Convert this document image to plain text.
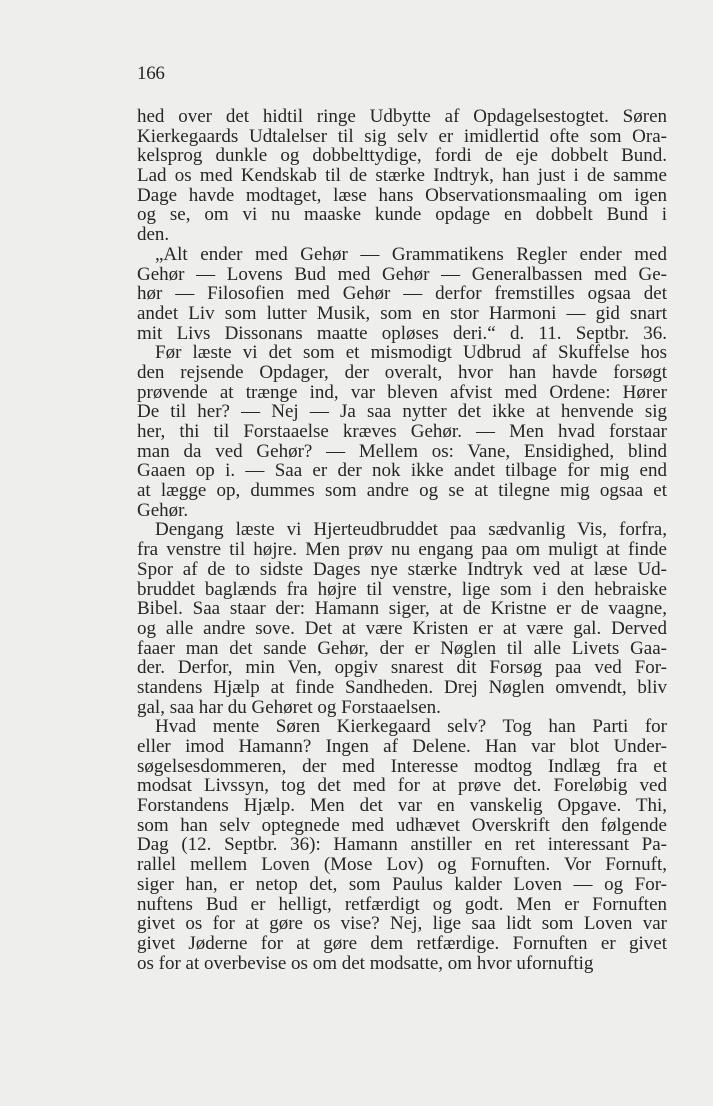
166
hed over det hidtil ringe Udbytte af Opdagelsestogtet. Søren
Kierkegaards Udtalelser til sig selv er imidlertid ofte som Ora-
kelsprog dunkle og dobbelttydige, fordi de eje dobbelt Bund.
Lad os med Kendskab til de stærke Indtryk, han just i de samme
Dage havde modtaget, læse hans Observationsmaaling om igen
og se, om vi nu maaske kunde opdage en dobbelt Bund i
den.
„Alt ender med Gehør — Grammatikens Regler ender med
Gehør — Lovens Bud med Gehør — Generalbassen med Ge-
hør — Filosofien med Gehør — derfor fremstilles ogsaa det
andet Liv som lutter Musik, som en stor Harmoni — gid snart
mit Livs Dissonans maatte opløses deri.“ d. 11. Septbr. 36.
Før læste vi det som et mismodigt Udbrud af Skuffelse hos
den rejsende Opdager, der overalt, hvor han havde forsøgt
prøvende at trænge ind, var bleven afvist med Ordene: Hører
De til her? — Nej — Ja saa nytter det ikke at henvende sig
her, thi til Forstaaelse kræves Gehør. — Men hvad forstaar
man da ved Gehør? — Mellem os: Vane, Ensidighed, blind
Gaaen op i. — Saa er der nok ikke andet tilbage for mig end
at lægge op, dummes som andre og se at tilegne mig ogsaa et
Gehør.
Dengang læste vi Hjerteudbruddet paa sædvanlig Vis, forfra,
fra venstre til højre. Men prøv nu engang paa om muligt at finde
Spor af de to sidste Dages nye stærke Indtryk ved at læse Ud-
bruddet baglænds fra højre til venstre, lige som i den hebraiske
Bibel. Saa staar der: Hamann siger, at de Kristne er de vaagne,
og alle andre sove. Det at være Kristen er at være gal. Derved
faaer man det sande Gehør, der er Nøglen til alle Livets Gaa-
der. Derfor, min Ven, opgiv snarest dit Forsøg paa ved For-
standens Hjælp at finde Sandheden. Drej Nøglen omvendt, bliv
gal, saa har du Gehøret og Forstaaelsen.
Hvad mente Søren Kierkegaard selv? Tog han Parti for
eller imod Hamann? Ingen af Delene. Han var blot Under-
søgelsesdommeren, der med Interesse modtog Indlæg fra et
modsat Livssyn, tog det med for at prøve det. Foreløbig ved
Forstandens Hjælp. Men det var en vanskelig Opgave. Thi,
som han selv optegnede med udhævet Overskrift den følgende
Dag (12. Septbr. 36): Hamann anstiller en ret interessant Pa-
rallel mellem Loven (Mose Lov) og Fornuften. Vor Fornuft,
siger han, er netop det, som Paulus kalder Loven — og For-
nuftens Bud er helligt, retfærdigt og godt. Men er Fornuften
givet os for at gøre os vise? Nej, lige saa lidt som Loven var
givet Jøderne for at gøre dem retfærdige. Fornuften er givet
os for at overbevise os om det modsatte, om hvor ufornuftig
